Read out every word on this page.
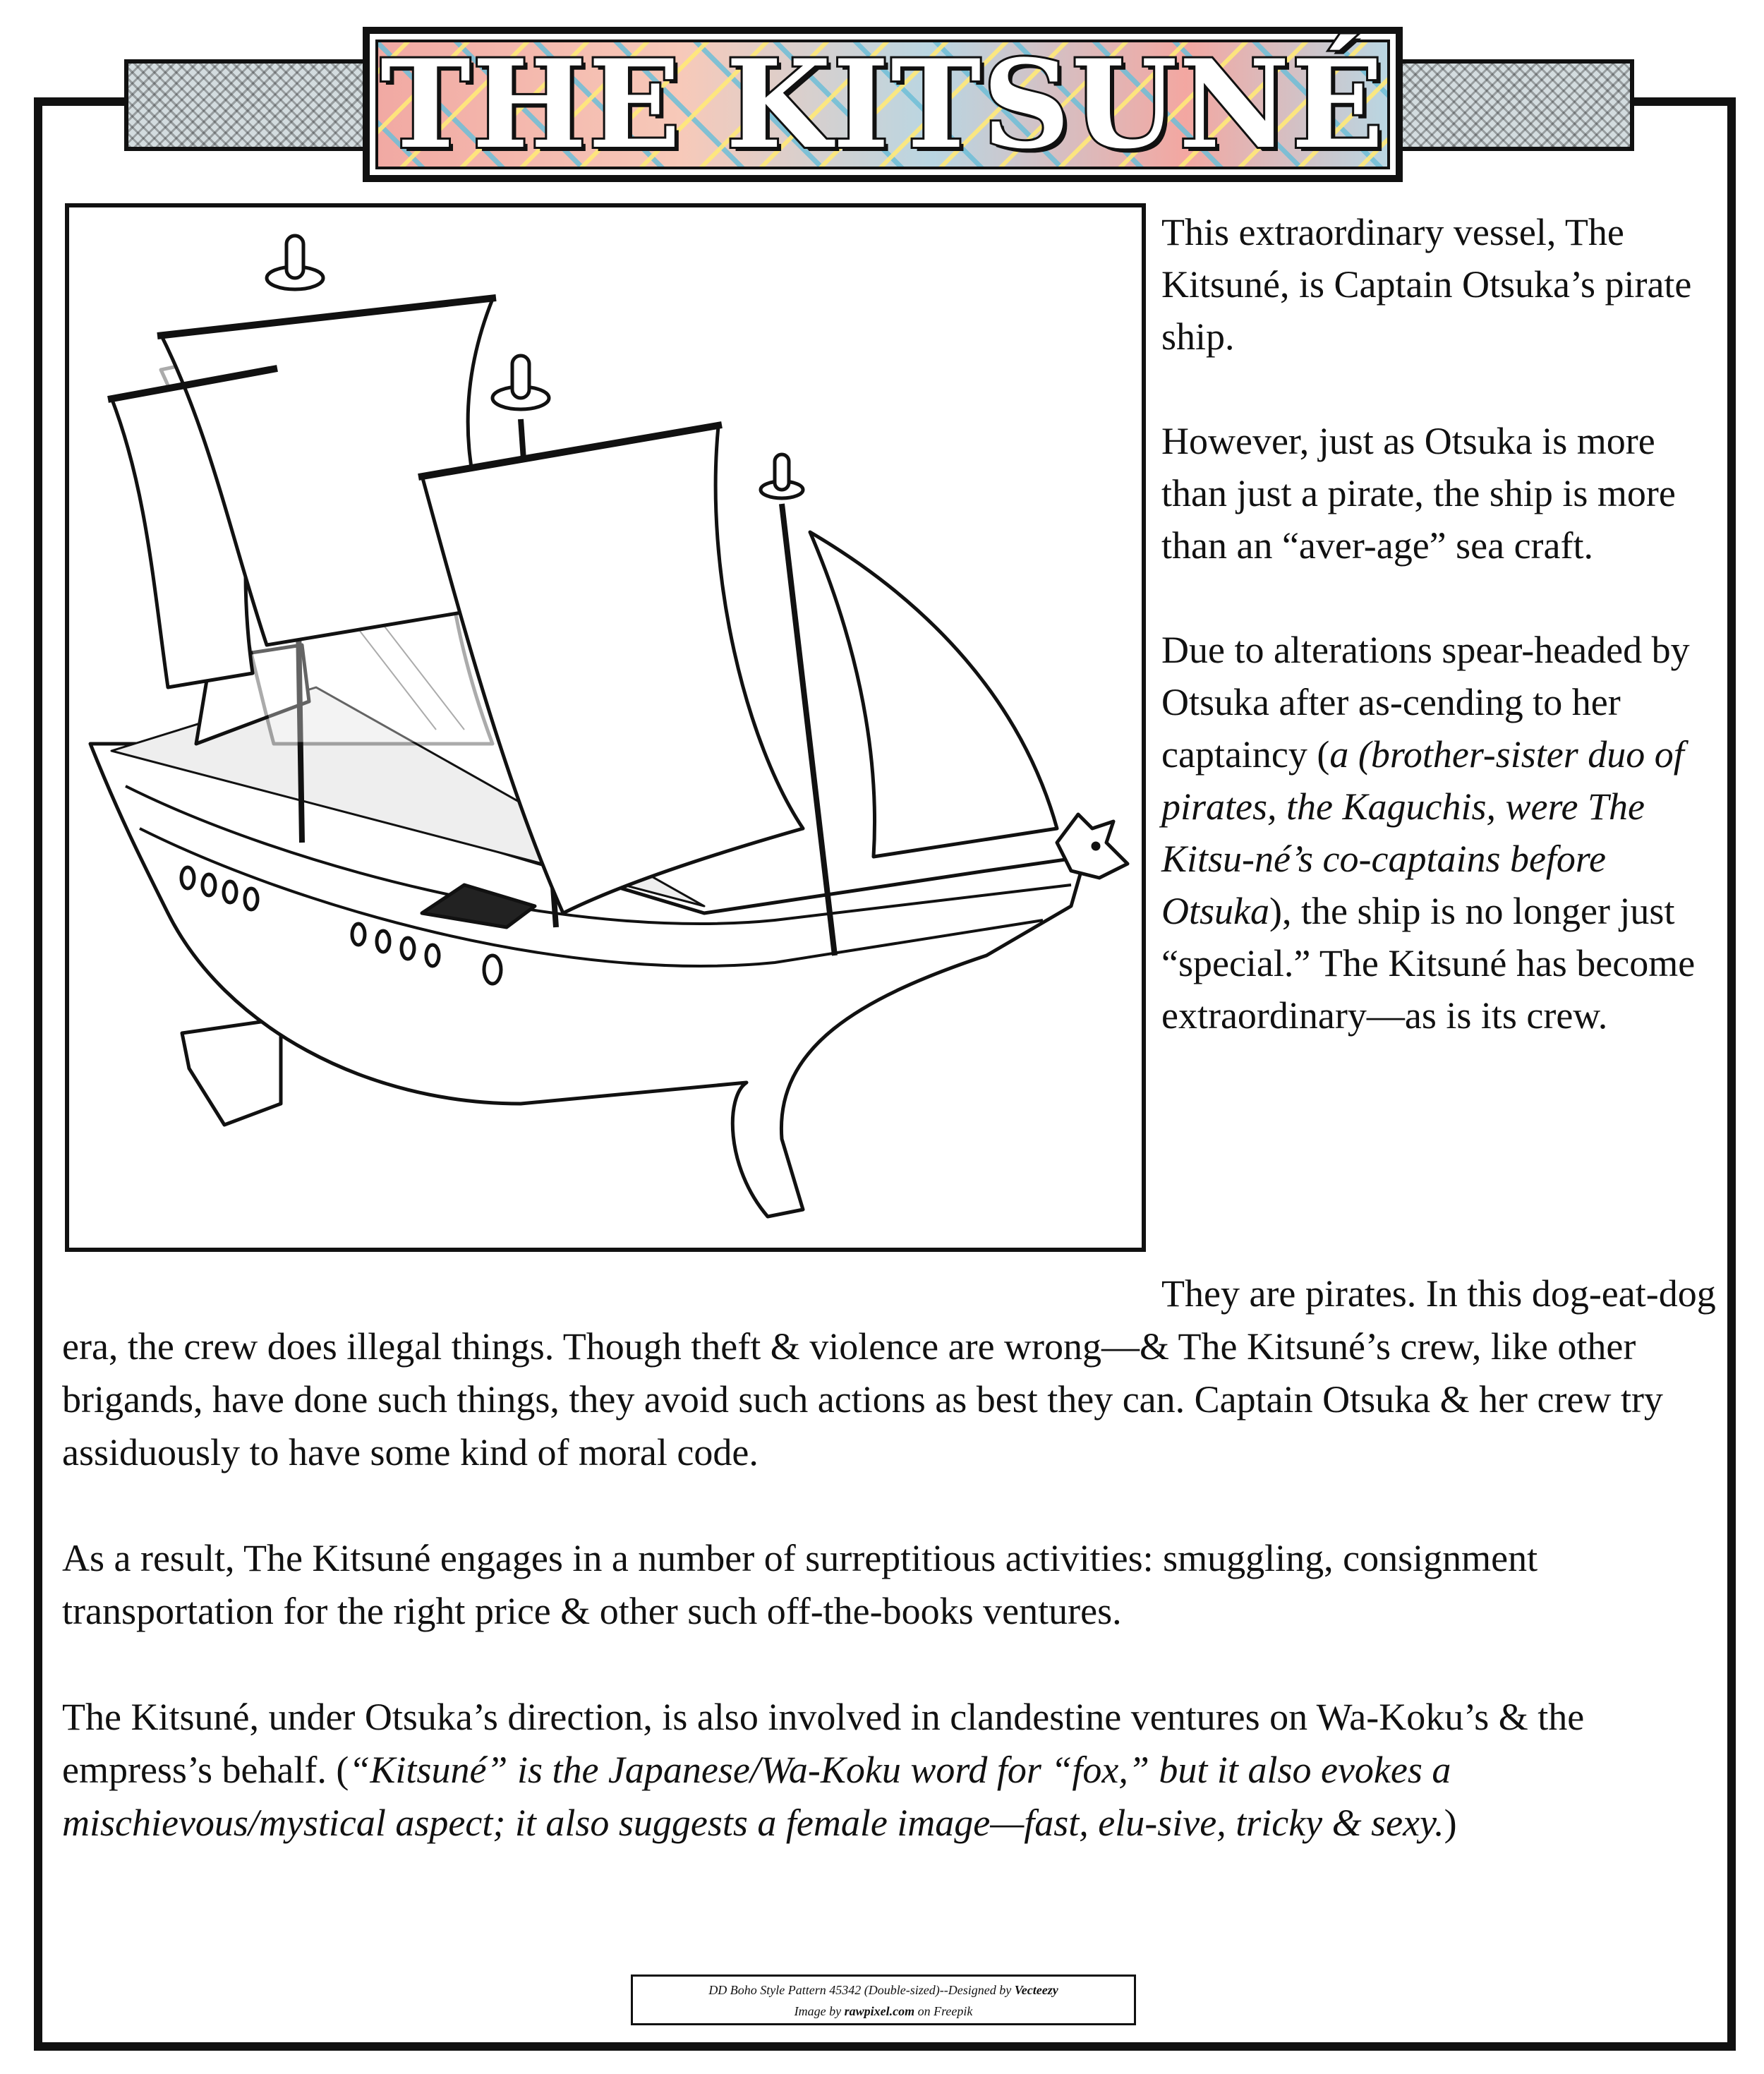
THE KITSUNÉ

This extraordinary vessel, The Kitsuné, is Captain Otsuka’s pirate ship.

However, just as Otsuka is more than just a pirate, the ship is more than an “aver-age” sea craft.

Due to alterations spear-headed by Otsuka after as-cending to her captaincy (a (brother-sister duo of pirates, the Kaguchis, were The Kitsu-né’s co-captains before Otsuka), the ship is no longer just “special.” The Kitsuné has become extraordinary—as is its crew.

They are pirates. In this dog-eat-dog era, the crew does illegal things. Though theft & violence are wrong—& The Kitsuné’s crew, like other brigands, have done such things, they avoid such actions as best they can. Captain Otsuka & her crew try assiduously to have some kind of moral code.

As a result, The Kitsuné engages in a number of surreptitious activities: smuggling, consignment transportation for the right price & other such off-the-books ventures.

The Kitsuné, under Otsuka’s direction, is also involved in clandestine ventures on Wa-Koku’s & the empress’s behalf. (“Kitsuné” is the Japanese/Wa-Koku word for “fox,” but it also evokes a mischievous/mystical aspect; it also suggests a female image—fast, elu-sive, tricky & sexy.)

DD Boho Style Pattern 45342 (Double-sized)--Designed by Vecteezy
Image by rawpixel.com on Freepik
